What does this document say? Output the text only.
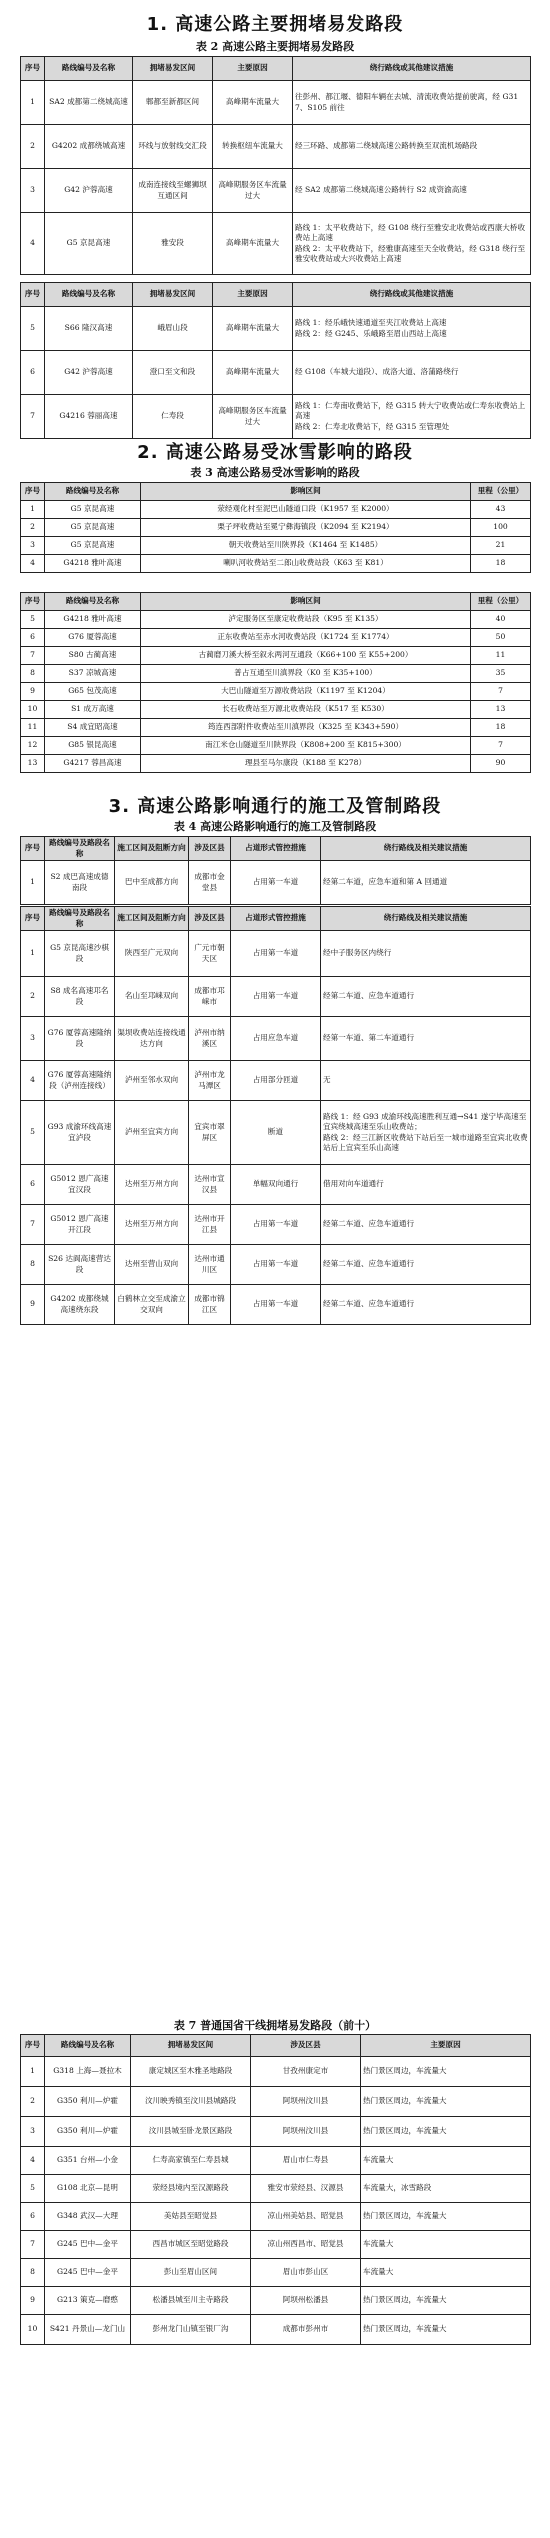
1. 高速公路主要拥堵易发路段
表 2 高速公路主要拥堵易发路段
序号	路线编号及名称	拥堵易发区间	主要原因	绕行路线或其他建议措施
1	SA2 成都第二绕城高速	郫都至新都区间	高峰期车流量大	往彭州、都江堰、德阳车辆在去城、清流收费站提前驶离，经 G317、S105 前往
2	G4202 成都绕城高速	环线与放射线交汇段	转换枢纽车流量大	经三环路、成都第二绕城高速公路转换至双流机场路段
3	G42 沪蓉高速	成南连接线至螺狮坝互通区间	高峰期服务区车流量过大	经 SA2 成都第二绕城高速公路转行 S2 成资渝高速
4	G5 京昆高速	雅安段	高峰期车流量大	路线 1：太平收费站下，经 G108 绕行至雅安北收费站或西康大桥收费站上高速
路线 2：太平收费站下，经雅康高速至天全收费站，经 G318 绕行至雅安收费站或大兴收费站上高速
序号	路线编号及名称	拥堵易发区间	主要原因	绕行路线或其他建议措施
5	S66 隆汉高速	峨眉山段	高峰期车流量大	路线 1：经乐峨快速通道至夹江收费站上高速
路线 2：经 G245、乐峨路至眉山西站上高速
6	G42 沪蓉高速	澄口至文和段	高峰期车流量大	经 G108（车城大道段）、成洛大道、洛蒲路绕行
7	G4216 蓉丽高速	仁寿段	高峰期服务区车流量过大	路线 1：仁寿南收费站下，经 G315 转大宁收费站或仁寿东收费站上高速
路线 2：仁寿北收费站下，经 G315 至管理处
2. 高速公路易受冰雪影响的路段
表 3 高速公路易受冰雪影响的路段
序号	路线编号及名称	影响区间	里程（公里）
1	G5 京昆高速	荥经观化村至泥巴山隧道口段（K1957 至 K2000）	43
2	G5 京昆高速	栗子坪收费站至冕宁彝海镇段（K2094 至 K2194）	100
3	G5 京昆高速	朝天收费站至川陕界段（K1464 至 K1485）	21
4	G4218 雅叶高速	喇叭河收费站至二郎山收费站段（K63 至 K81）	18
序号	路线编号及名称	影响区间	里程（公里）
5	G4218 雅叶高速	泸定服务区至康定收费站段（K95 至 K135）	40
6	G76 厦蓉高速	正东收费站至赤水河收费站段（K1724 至 K1774）	50
7	S80 古蔺高速	古蔺磨刀溪大桥至叙永两河互通段（K66+100 至 K55+200）	11
8	S37 凉城高速	普占互通至川滇界段（K0 至 K35+100）	35
9	G65 包茂高速	大巴山隧道至万源收费站段（K1197 至 K1204）	7
10	S1 成万高速	长石收费站至万源北收费站段（K517 至 K530）	13
11	S4 成宜昭高速	筠连西部附件收费站至川滇界段（K325 至 K343+590）	18
12	G85 银昆高速	南江米仓山隧道至川陕界段（K808+200 至 K815+300）	7
13	G4217 蓉昌高速	理县至马尔康段（K188 至 K278）	90
3. 高速公路影响通行的施工及管制路段
表 4 高速公路影响通行的施工及管制路段
序号	路线编号及路段名称	施工区间及阻断方向	涉及区县	占道形式管控措施	绕行路线及相关建议措施
1	S2 成巴高速成德南段	巴中至成都方向	成都市金堂县	占用第一车道	经第二车道，应急车道和第 A 回通道
序号	路线编号及路段名称	施工区间及阻断方向	涉及区县	占道形式管控措施	绕行路线及相关建议措施
1	G5 京昆高速沙棋段	陕西至广元双向	广元市朝天区	占用第一车道	经中子服务区内绕行
2	S8 成名高速邛名段	名山至邛崃双向	成都市邛崃市	占用第一车道	经第二车道、应急车道通行
3	G76 厦蓉高速隆纳段	渠坝收费站连接线通达方向	泸州市纳溪区	占用应急车道	经第一车道、第二车道通行
4	G76 厦蓉高速隆纳段（泸州连接线）	泸州至邻水双向	泸州市龙马潭区	占用部分匝道	无
5	G93 成渝环线高速宜泸段	泸州至宜宾方向	宜宾市翠屏区	断道	路线 1：经 G93 成渝环线高速胜利互通→S41 遂宁毕高速至宜宾绕城高速至乐山收费站；
路线 2：经三江新区收费站下站后至一城市道路至宜宾北收费站后上宜宾至乐山高速
6	G5012 恩广高速宜汉段	达州至万州方向	达州市宣汉县	单幅双向通行	借用对向车道通行
7	G5012 恩广高速开江段	达州至万州方向	达州市开江县	占用第一车道	经第二车道、应急车道通行
8	S26 达阆高速营达段	达州至营山双向	达州市通川区	占用第一车道	经第二车道、应急车道通行
9	G4202 成都绕城高速绕东段	白鹤林立交至成渝立交双向	成都市锦江区	占用第一车道	经第二车道、应急车道通行
表 7 普通国省干线拥堵易发路段（前十）
序号	路线编号及名称	拥堵易发区间	涉及区县	主要原因
1	G318 上海—聂拉木	康定城区至木雅圣地路段	甘孜州康定市	热门景区周边，车流量大
2	G350 利川—炉霍	汶川映秀镇至汶川县城路段	阿坝州汶川县	热门景区周边，车流量大
3	G350 利川—炉霍	汶川县城至卧龙景区路段	阿坝州汶川县	热门景区周边，车流量大
4	G351 台州—小金	仁寿高家镇至仁寿县城	眉山市仁寿县	车流量大
5	G108 北京—昆明	荥经县境内至汉源路段	雅安市荥经县、汉源县	车流量大，冰雪路段
6	G348 武汉—大理	美姑县至昭觉县	凉山州美姑县、昭觉县	热门景区周边，车流量大
7	G245 巴中—金平	西昌市城区至昭觉路段	凉山州西昌市、昭觉县	车流量大
8	G245 巴中—金平	彭山至眉山区间	眉山市彭山区	车流量大
9	G213 策克—磨憨	松潘县城至川主寺路段	阿坝州松潘县	热门景区周边，车流量大
10	S421 丹景山—龙门山	彭州龙门山镇至银厂沟	成都市彭州市	热门景区周边，车流量大
